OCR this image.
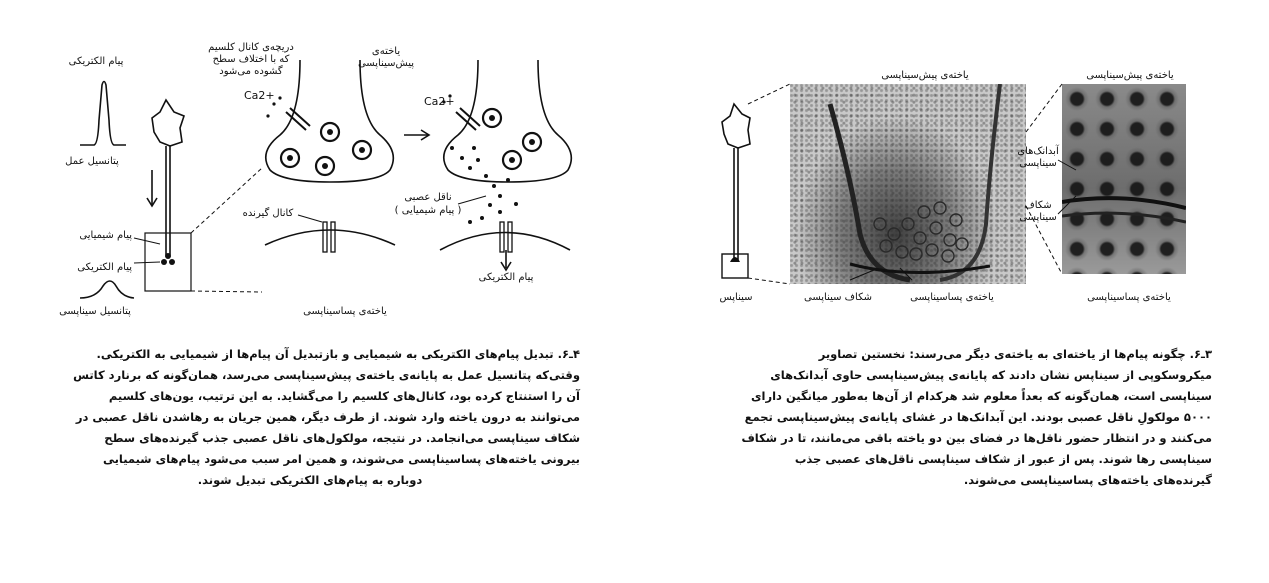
پیام الکتریکی
پتانسیل عمل
پیام شیمیایی
پیام الکتریکی
پتانسیل سیناپسی
دریچه‌ی کانال کلسیم
که با اختلاف سطح
گشوده می‌شود
یاخته‌ی
پیش‌سیناپسی
Ca2+	Ca2+
کانال گیرنده
ناقل عصبی
( پیام شیمیایی )
پیام الکتریکی
یاخته‌ی پساسیناپسی
۴ـ۶. تبدیل پیام‌های الکتریکی به شیمیایی و بازتبدیل آن پیام‌ها از شیمیایی به الکتریکی.
وقتی‌که پتانسیل عمل به پایانه‌ی یاخته‌ی پیش‌سیناپسی می‌رسد، همان‌گونه که برنارد کاتس
آن را استنتاج کرده بود، کانال‌های کلسیم را می‌گشاید. به این ترتیب، یون‌های کلسیم
می‌توانند به درون یاخته وارد شوند. از طرف دیگر، همین جریان به رهاشدن ناقل عصبی در
شکاف سیناپسی می‌انجامد. در نتیجه، مولکول‌های ناقل عصبی جذب گیرنده‌های سطح
بیرونی یاخته‌های پساسیناپسی می‌شوند، و همین امر سبب می‌شود پیام‌های شیمیایی
دوباره به پیام‌های الکتریکی تبدیل شوند.
یاخته‌ی پیش‌سیناپسی	یاخته‌ی پیش‌سیناپسی
آبدانک‌های
سیناپسی
شکاف
سیناپسی
سیناپس	شکاف سیناپسی	یاخته‌ی پساسیناپسی	یاخته‌ی پساسیناپسی
۳ـ۶. چگونه پیام‌ها از یاخته‌ای به یاخته‌ی دیگر می‌رسند: نخستین تصاویر
میکروسکوپی از سیناپس نشان دادند که پایانه‌ی پیش‌سیناپسی حاوی آبدانک‌های
سیناپسی است، همان‌گونه که بعداً معلوم شد هرکدام از آن‌ها به‌طور میانگین دارای
۵۰۰۰ مولکولِ ناقل عصبی بودند. این آبدانک‌ها در غشای پایانه‌ی پیش‌سیناپسی تجمع
می‌کنند و در انتظار حضور ناقل‌ها در فضای بین دو یاخته باقی می‌مانند، تا در شکاف
سیناپسی رها شوند. پس از عبور از شکاف سیناپسی ناقل‌های عصبی جذب
گیرنده‌های یاخته‌های پساسیناپسی می‌شوند.
